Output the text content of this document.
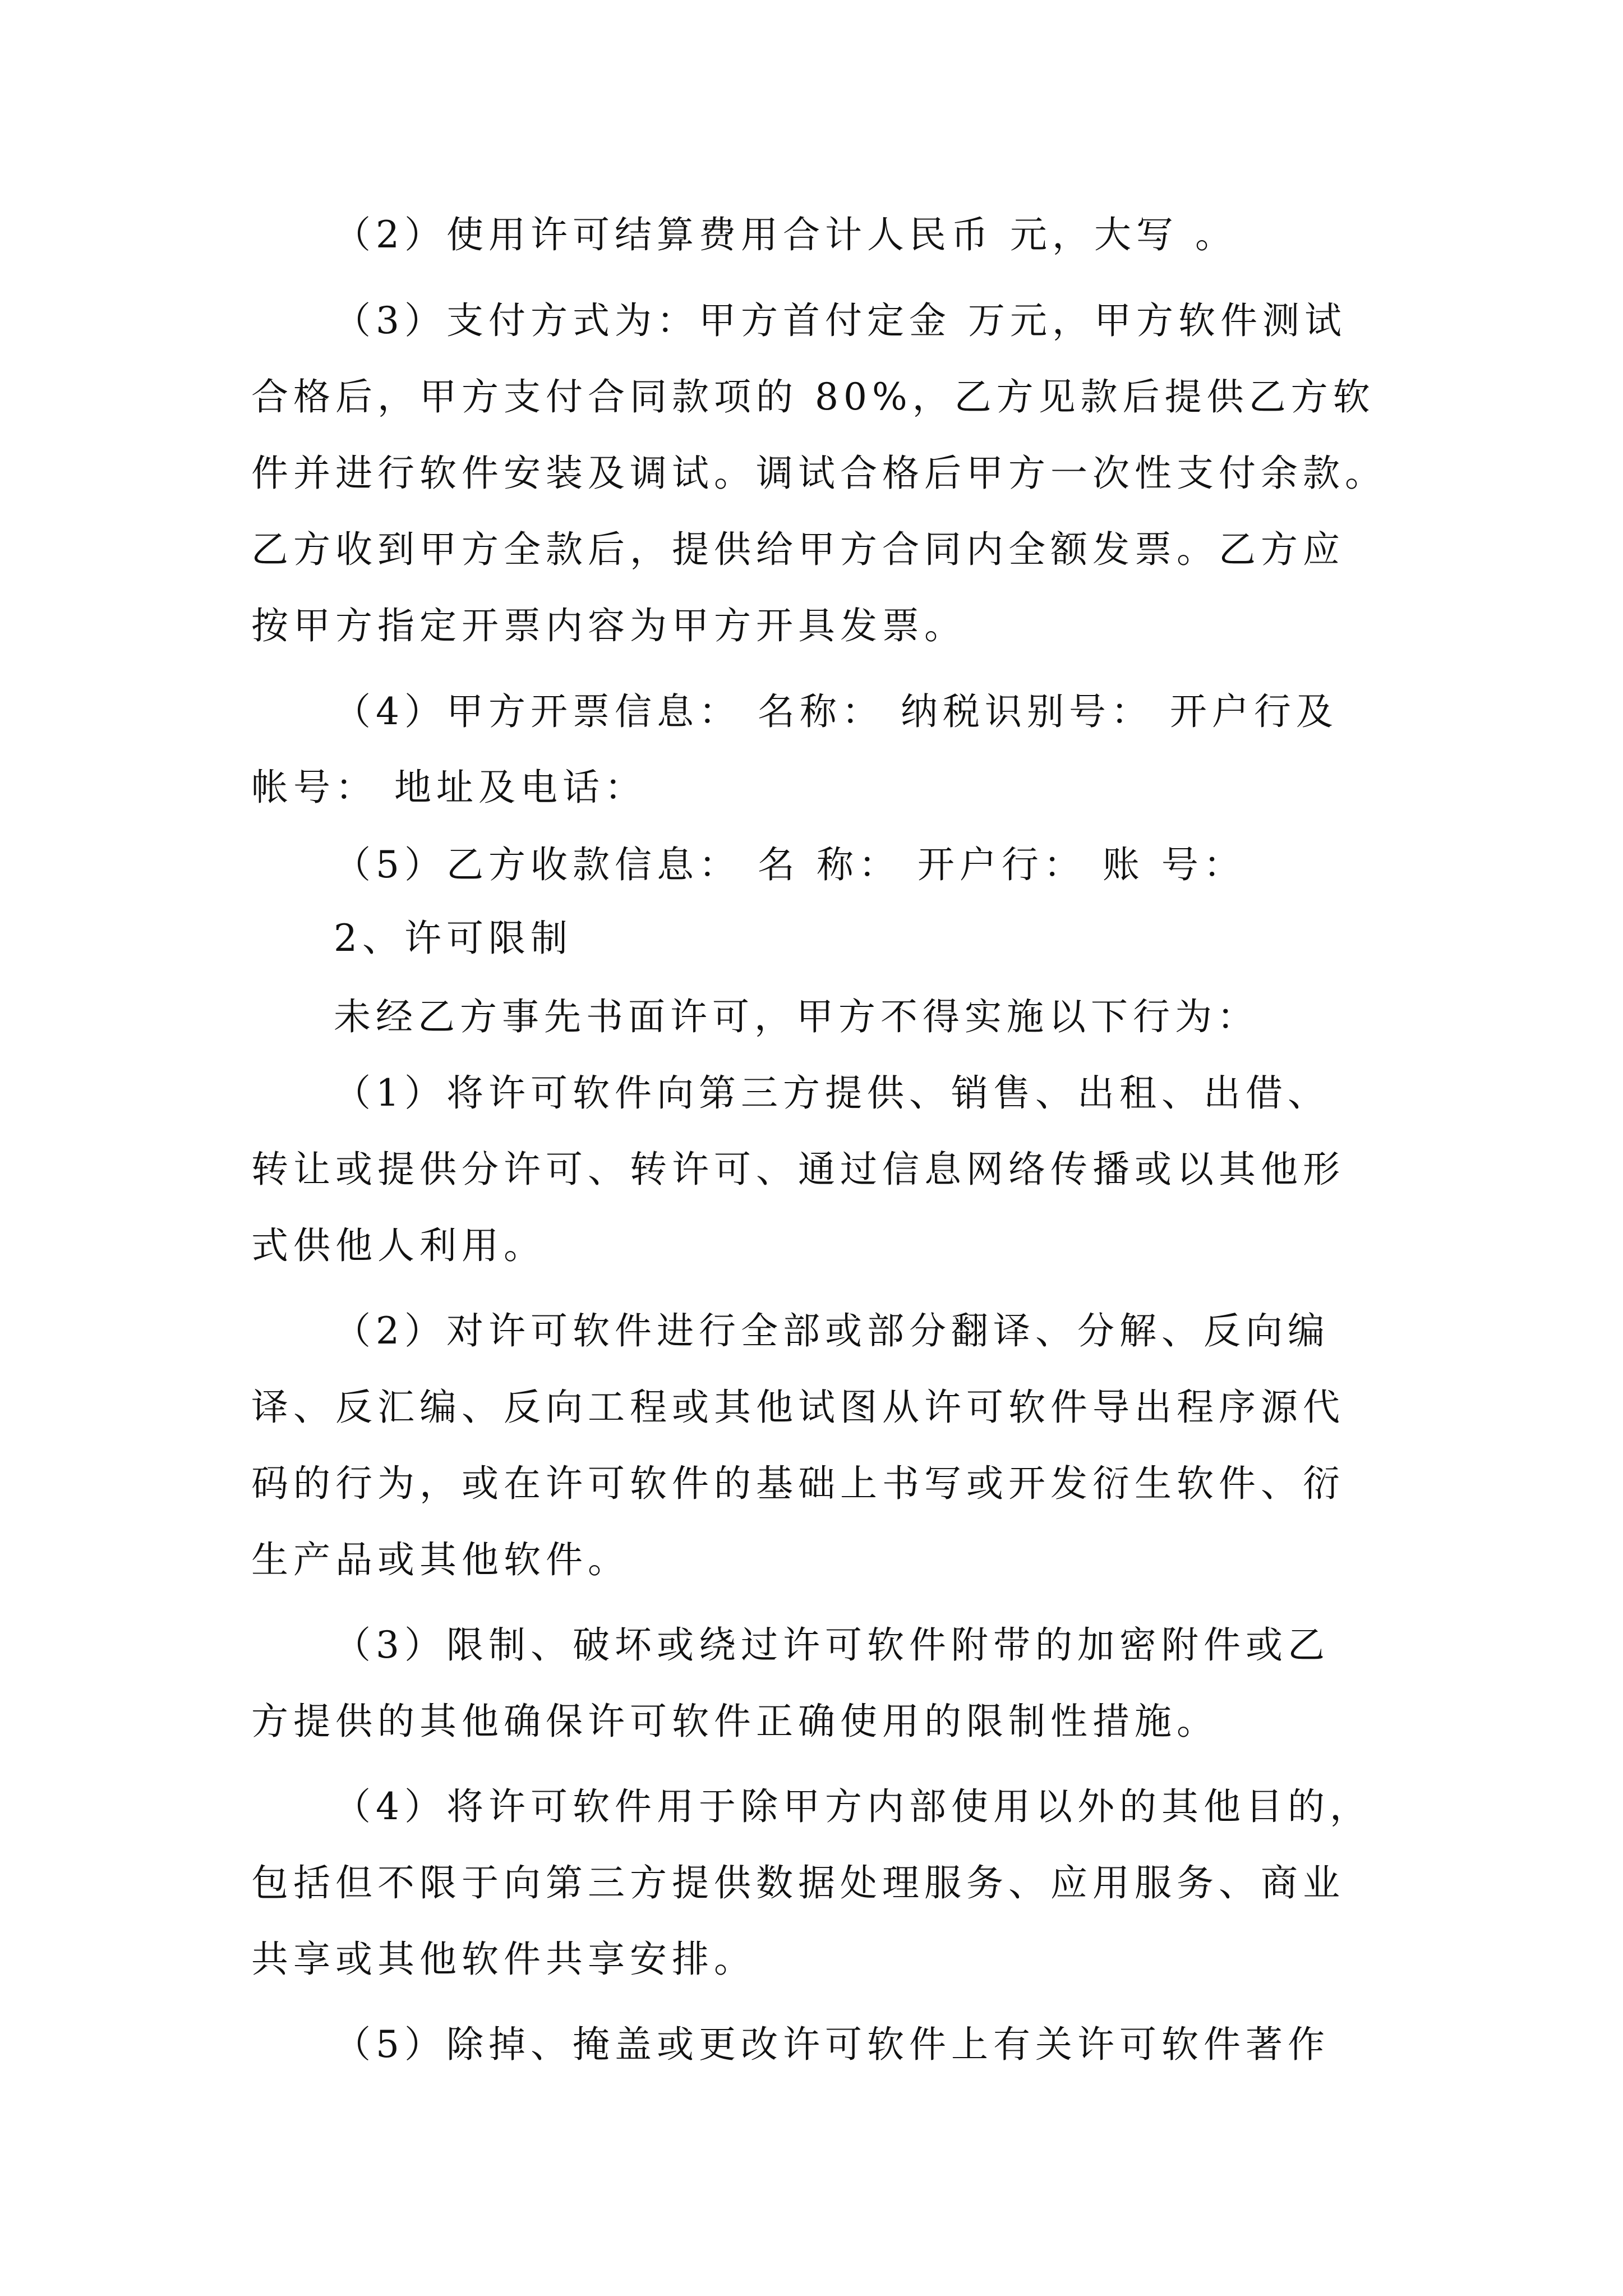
（2）使用许可结算费用合计人民币 元，大写 。

（3）支付方式为：甲方首付定金 万元，甲方软件测试

合格后，甲方支付合同款项的 80%，乙方见款后提供乙方软

件并进行软件安装及调试。调试合格后甲方一次性支付余款。

乙方收到甲方全款后，提供给甲方合同内全额发票。乙方应

按甲方指定开票内容为甲方开具发票。

（4）甲方开票信息： 名称： 纳税识别号： 开户行及

帐号： 地址及电话：

（5）乙方收款信息： 名 称： 开户行： 账 号：

2、许可限制

未经乙方事先书面许可，甲方不得实施以下行为：

（1）将许可软件向第三方提供、销售、出租、出借、

转让或提供分许可、转许可、通过信息网络传播或以其他形

式供他人利用。

（2）对许可软件进行全部或部分翻译、分解、反向编

译、反汇编、反向工程或其他试图从许可软件导出程序源代

码的行为，或在许可软件的基础上书写或开发衍生软件、衍

生产品或其他软件。

（3）限制、破坏或绕过许可软件附带的加密附件或乙

方提供的其他确保许可软件正确使用的限制性措施。

（4）将许可软件用于除甲方内部使用以外的其他目的，

包括但不限于向第三方提供数据处理服务、应用服务、商业

共享或其他软件共享安排。

（5）除掉、掩盖或更改许可软件上有关许可软件著作
